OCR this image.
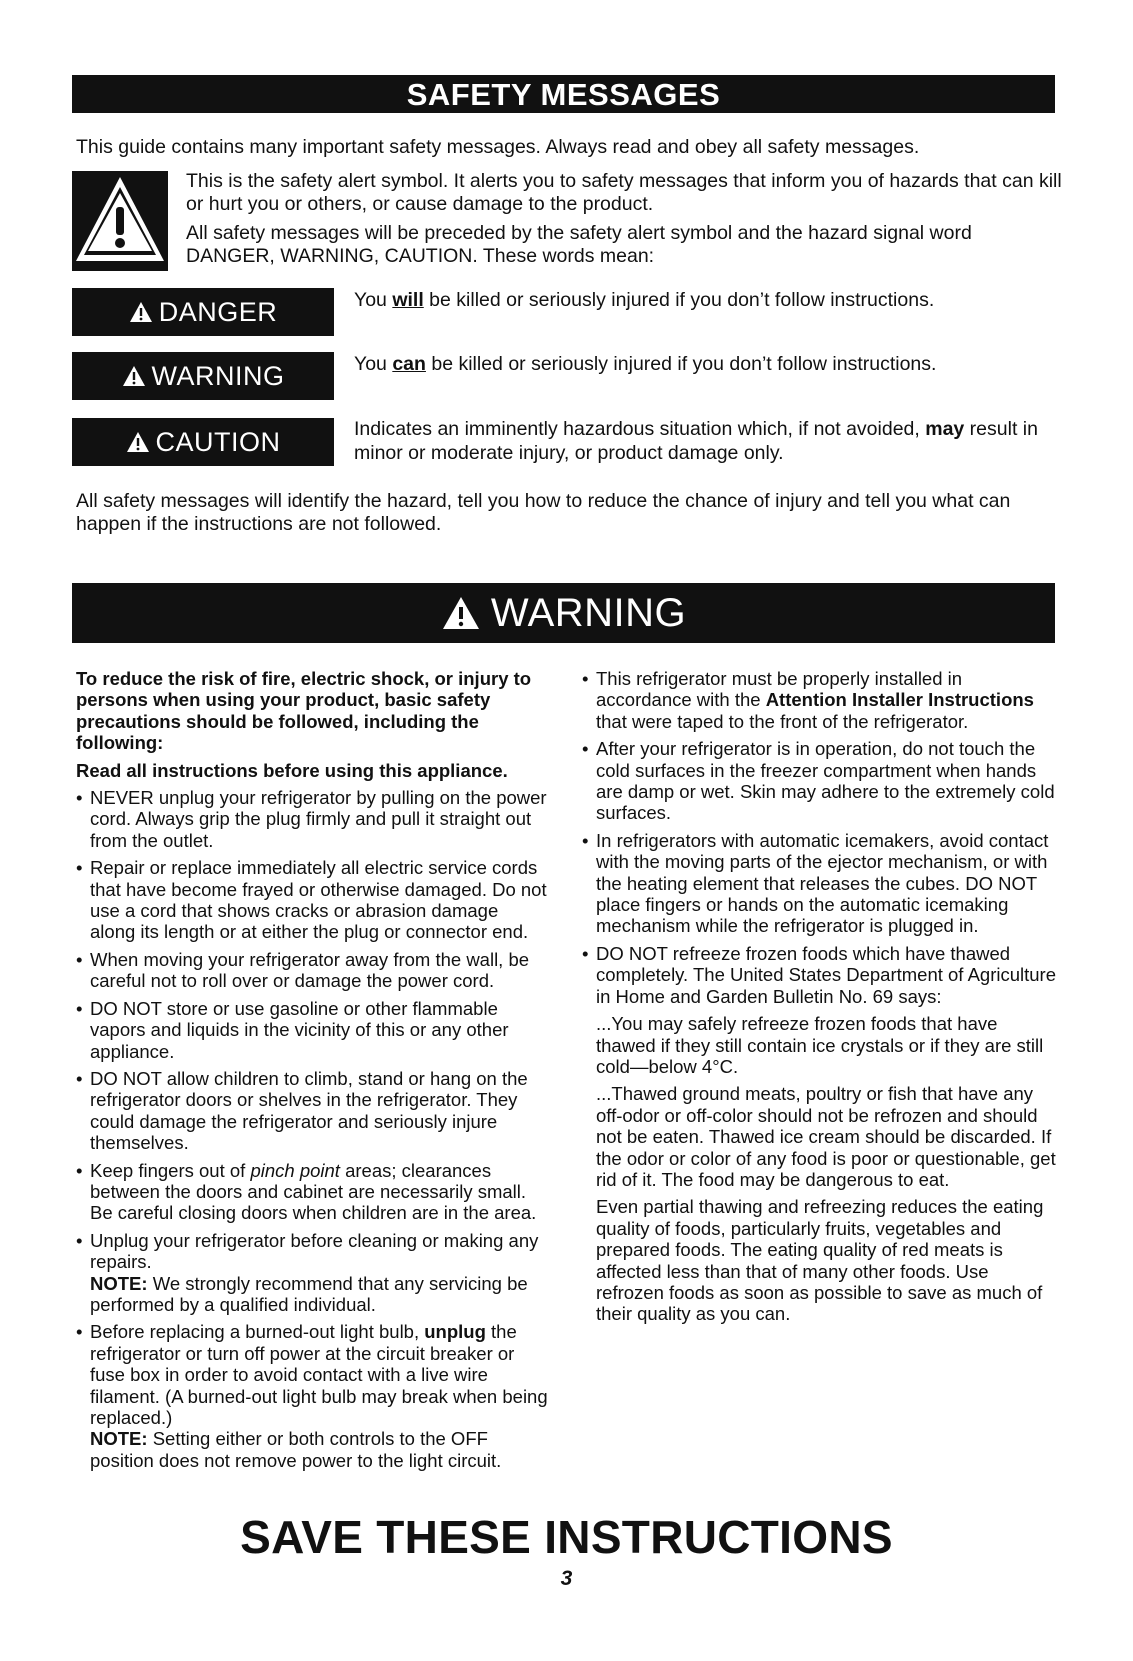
SAFETY MESSAGES
This guide contains many important safety messages. Always read and obey all safety messages.
This is the safety alert symbol. It alerts you to safety messages that inform you of hazards that can kill or hurt you or others, or cause damage to the product.
All safety messages will be preceded by the safety alert symbol and the hazard signal word DANGER, WARNING, CAUTION. These words mean:
DANGER	You will be killed or seriously injured if you don’t follow instructions.
WARNING	You can be killed or seriously injured if you don’t follow instructions.
CAUTION	Indicates an imminently hazardous situation which, if not avoided, may result in minor or moderate injury, or product damage only.
All safety messages will identify the hazard, tell you how to reduce the chance of injury and tell you what can happen if the instructions are not followed.
WARNING
To reduce the risk of fire, electric shock, or injury to persons when using your product, basic safety precautions should be followed, including the following:
Read all instructions before using this appliance.
• NEVER unplug your refrigerator by pulling on the power cord. Always grip the plug firmly and pull it straight out from the outlet.
• Repair or replace immediately all electric service cords that have become frayed or otherwise damaged. Do not use a cord that shows cracks or abrasion damage along its length or at either the plug or connector end.
• When moving your refrigerator away from the wall, be careful not to roll over or damage the power cord.
• DO NOT store or use gasoline or other flammable vapors and liquids in the vicinity of this or any other appliance.
• DO NOT allow children to climb, stand or hang on the refrigerator doors or shelves in the refrigerator. They could damage the refrigerator and seriously injure themselves.
• Keep fingers out of pinch point areas; clearances between the doors and cabinet are necessarily small. Be careful closing doors when children are in the area.
• Unplug your refrigerator before cleaning or making any repairs.
NOTE: We strongly recommend that any servicing be performed by a qualified individual.
• Before replacing a burned-out light bulb, unplug the refrigerator or turn off power at the circuit breaker or fuse box in order to avoid contact with a live wire filament. (A burned-out light bulb may break when being replaced.)
NOTE: Setting either or both controls to the OFF position does not remove power to the light circuit.
• This refrigerator must be properly installed in accordance with the Attention Installer Instructions that were taped to the front of the refrigerator.
• After your refrigerator is in operation, do not touch the cold surfaces in the freezer compartment when hands are damp or wet. Skin may adhere to the extremely cold surfaces.
• In refrigerators with automatic icemakers, avoid contact with the moving parts of the ejector mechanism, or with the heating element that releases the cubes. DO NOT place fingers or hands on the automatic icemaking mechanism while the refrigerator is plugged in.
• DO NOT refreeze frozen foods which have thawed completely. The United States Department of Agriculture in Home and Garden Bulletin No. 69 says:
...You may safely refreeze frozen foods that have thawed if they still contain ice crystals or if they are still cold—below 4°C.
...Thawed ground meats, poultry or fish that have any off-odor or off-color should not be refrozen and should not be eaten. Thawed ice cream should be discarded. If the odor or color of any food is poor or questionable, get rid of it. The food may be dangerous to eat.
Even partial thawing and refreezing reduces the eating quality of foods, particularly fruits, vegetables and prepared foods. The eating quality of red meats is affected less than that of many other foods. Use refrozen foods as soon as possible to save as much of their quality as you can.
SAVE THESE INSTRUCTIONS
3
